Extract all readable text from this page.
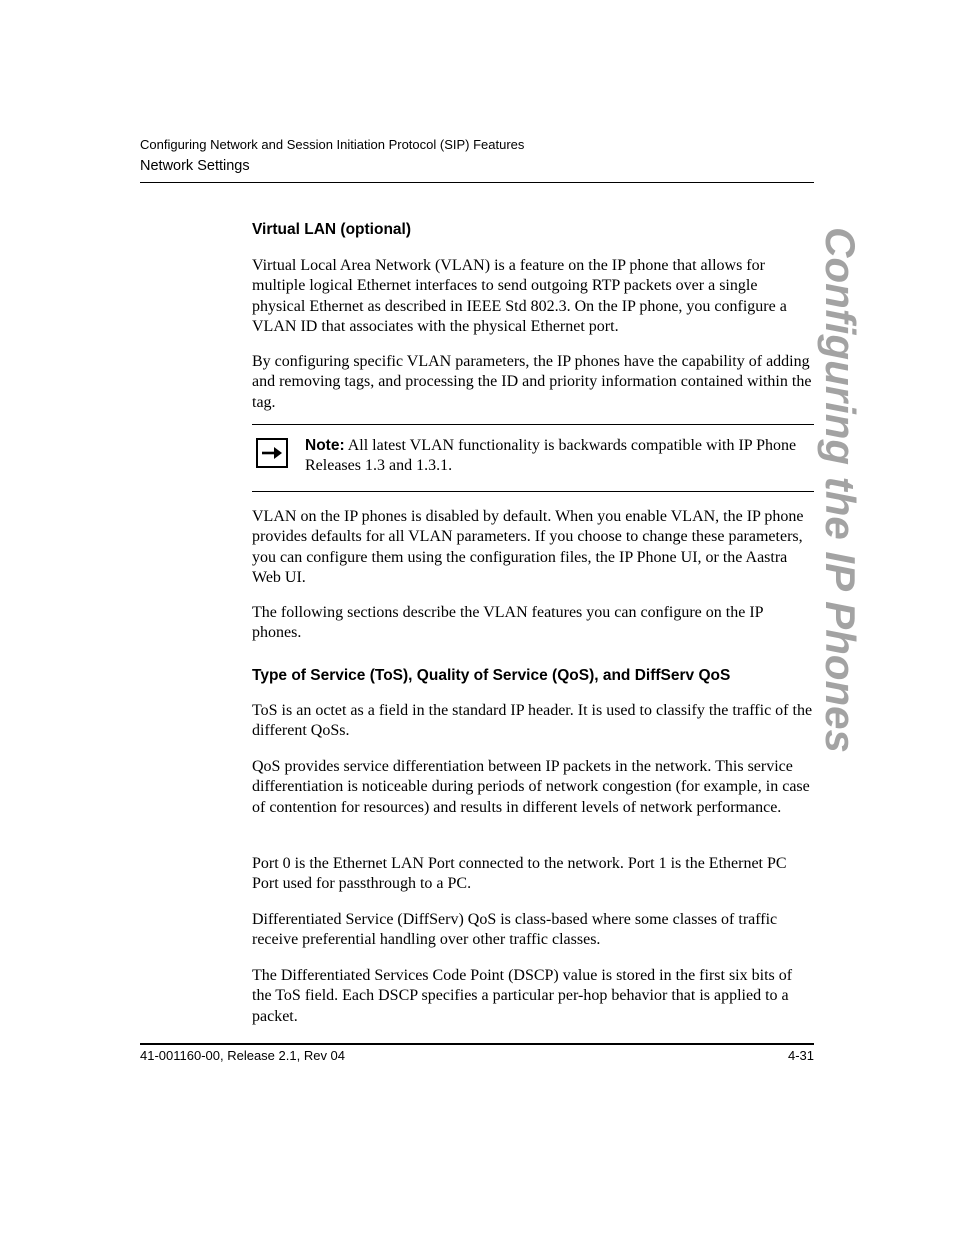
Configuring Network and Session Initiation Protocol (SIP) Features
Network Settings
Configuring the IP Phones
Virtual LAN (optional)
Virtual Local Area Network (VLAN) is a feature on the IP phone that allows for multiple logical Ethernet interfaces to send outgoing RTP packets over a single physical Ethernet as described in IEEE Std 802.3. On the IP phone, you configure a VLAN ID that associates with the physical Ethernet port.
By configuring specific VLAN parameters, the IP phones have the capability of adding and removing tags, and processing the ID and priority information contained within the tag.
Note: All latest VLAN functionality is backwards compatible with IP Phone Releases 1.3 and 1.3.1.
VLAN on the IP phones is disabled by default. When you enable VLAN, the IP phone provides defaults for all VLAN parameters. If you choose to change these parameters, you can configure them using the configuration files, the IP Phone UI, or the Aastra Web UI.
The following sections describe the VLAN features you can configure on the IP phones.
Type of Service (ToS), Quality of Service (QoS), and DiffServ QoS
ToS is an octet as a field in the standard IP header. It is used to classify the traffic of the different QoSs.
QoS provides service differentiation between IP packets in the network. This service differentiation is noticeable during periods of network congestion (for example, in case of contention for resources) and results in different levels of network performance.
Port 0 is the Ethernet LAN Port connected to the network. Port 1 is the Ethernet PC Port used for passthrough to a PC.
Differentiated Service (DiffServ) QoS is class-based where some classes of traffic receive preferential handling over other traffic classes.
The Differentiated Services Code Point (DSCP) value is stored in the first six bits of the ToS field. Each DSCP specifies a particular per-hop behavior that is applied to a packet.
41-001160-00, Release 2.1, Rev 04	4-31
